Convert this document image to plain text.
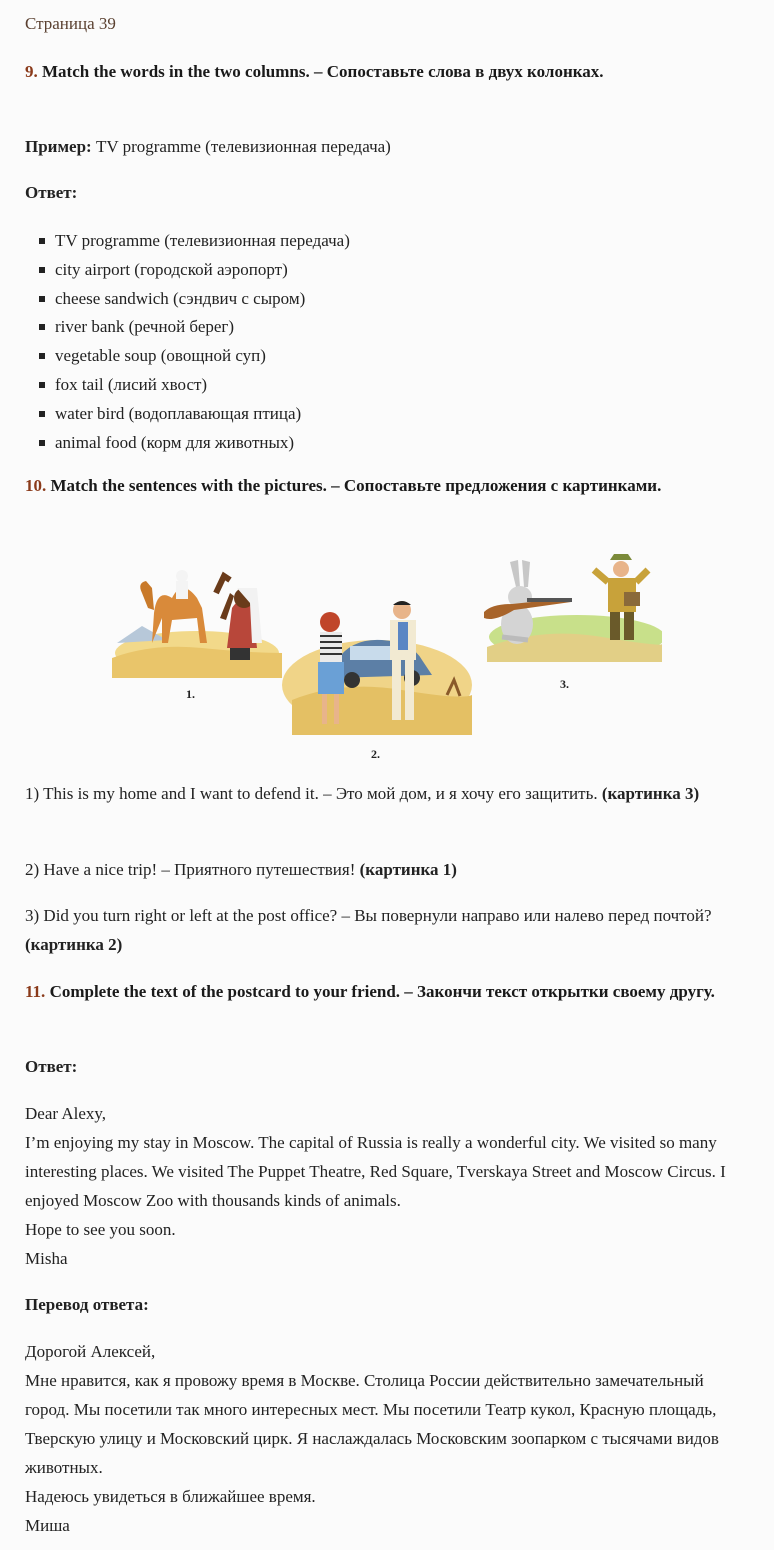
Страница 39
9. Match the words in the two columns. – Сопоставьте слова в двух колонках.
Пример: TV programme (телевизионная передача)
Ответ:
TV programme (телевизионная передача)
city airport (городской аэропорт)
cheese sandwich (сэндвич с сыром)
river bank (речной берег)
vegetable soup (овощной суп)
fox tail (лисий хвост)
water bird (водоплавающая птица)
animal food (корм для животных)
10. Match the sentences with the pictures. – Сопоставьте предложения с картинками.
1.
2.
3.
1) This is my home and I want to defend it. – Это мой дом, и я хочу его защитить. (картинка 3)
2) Have a nice trip! – Приятного путешествия! (картинка 1)
3) Did you turn right or left at the post office? – Вы повернули направо или налево перед почтой? (картинка 2)
11. Complete the text of the postcard to your friend. – Закончи текст открытки своему другу.
Ответ:

Dear Alexy,

I’m enjoying my stay in Moscow. The capital of Russia is really a wonderful city. We visited so many interesting places. We visited The Puppet Theatre, Red Square, Tverskaya Street and Moscow Circus. I enjoyed Moscow Zoo with thousands kinds of animals.

Hope to see you soon.

Misha

Перевод ответа:

Дорогой Алексей,

Мне нравится, как я провожу время в Москве. Столица России действительно замечательный город. Мы посетили так много интересных мест. Мы посетили Театр кукол, Красную площадь, Тверскую улицу и Московский цирк. Я наслаждалась Московским зоопарком с тысячами видов животных.

Надеюсь увидеться в ближайшее время.

Миша
